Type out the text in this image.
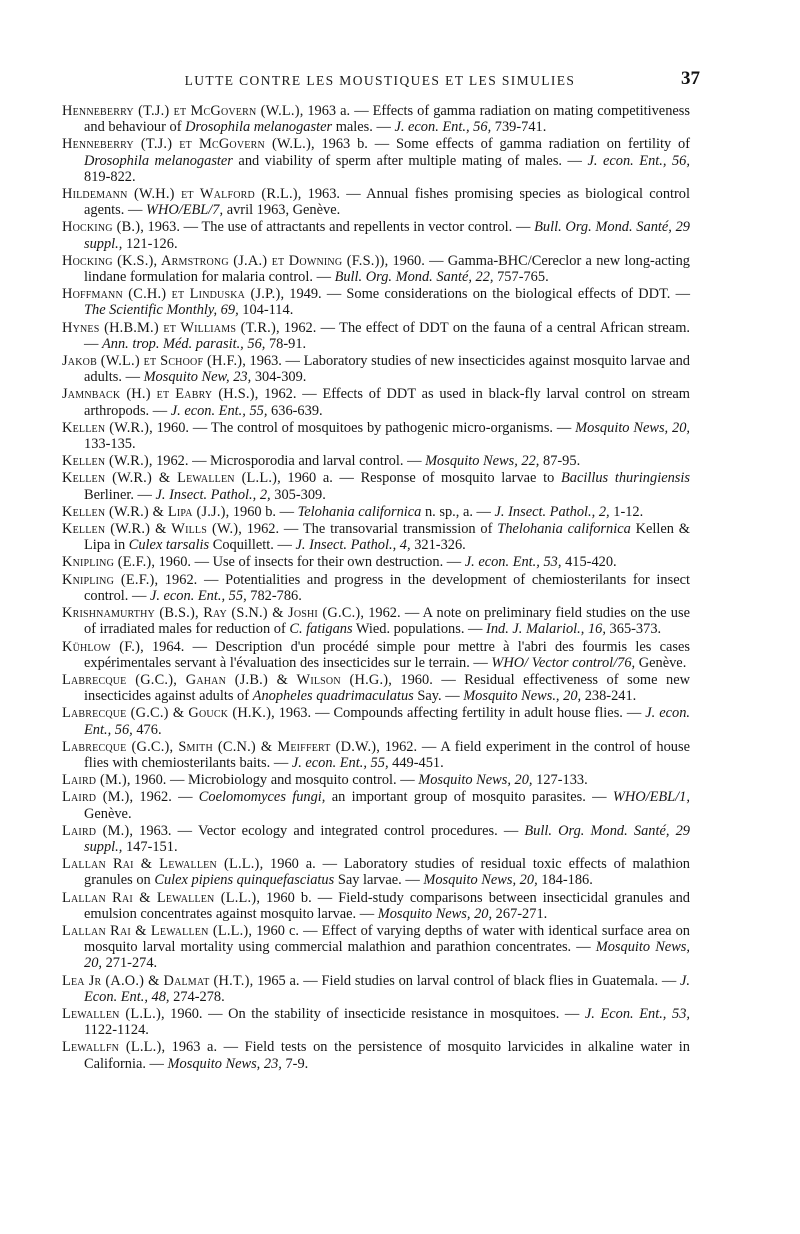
LUTTE CONTRE LES MOUSTIQUES ET LES SIMULIES	37

Henneberry (T.J.) et McGovern (W.L.), 1963 a. — Effects of gamma radiation on mating competitiveness and behaviour of Drosophila melanogaster males. — J. econ. Ent., 56, 739-741.

Henneberry (T.J.) et McGovern (W.L.), 1963 b. — Some effects of gamma radiation on fertility of Drosophila melanogaster and viability of sperm after multiple mating of males. — J. econ. Ent., 56, 819-822.

Hildemann (W.H.) et Walford (R.L.), 1963. — Annual fishes promising species as biological control agents. — WHO/EBL/7, avril 1963, Genève.

Hocking (B.), 1963. — The use of attractants and repellents in vector control. — Bull. Org. Mond. Santé, 29 suppl., 121-126.

Hocking (K.S.), Armstrong (J.A.) et Downing (F.S.)), 1960. — Gamma-BHC/Cereclor a new long-acting lindane formulation for malaria control. — Bull. Org. Mond. Santé, 22, 757-765.

Hoffmann (C.H.) et Linduska (J.P.), 1949. — Some considerations on the biological effects of DDT. — The Scientific Monthly, 69, 104-114.

Hynes (H.B.M.) et Williams (T.R.), 1962. — The effect of DDT on the fauna of a central African stream. — Ann. trop. Méd. parasit., 56, 78-91.

Jakob (W.L.) et Schoof (H.F.), 1963. — Laboratory studies of new insecticides against mosquito larvae and adults. — Mosquito New, 23, 304-309.

Jamnback (H.) et Eabry (H.S.), 1962. — Effects of DDT as used in black-fly larval control on stream arthropods. — J. econ. Ent., 55, 636-639.

Kellen (W.R.), 1960. — The control of mosquitoes by pathogenic micro-organisms. — Mosquito News, 20, 133-135.

Kellen (W.R.), 1962. — Microsporodia and larval control. — Mosquito News, 22, 87-95.

Kellen (W.R.) & Lewallen (L.L.), 1960 a. — Response of mosquito larvae to Bacillus thuringiensis Berliner. — J. Insect. Pathol., 2, 305-309.

Kellen (W.R.) & Lipa (J.J.), 1960 b. — Telohania californica n. sp., a. — J. Insect. Pathol., 2, 1-12.

Kellen (W.R.) & Wills (W.), 1962. — The transovarial transmission of Thelohania californica Kellen & Lipa in Culex tarsalis Coquillett. — J. Insect. Pathol., 4, 321-326.

Knipling (E.F.), 1960. — Use of insects for their own destruction. — J. econ. Ent., 53, 415-420.

Knipling (E.F.), 1962. — Potentialities and progress in the development of chemiosterilants for insect control. — J. econ. Ent., 55, 782-786.

Krishnamurthy (B.S.), Ray (S.N.) & Joshi (G.C.), 1962. — A note on preliminary field studies on the use of irradiated males for reduction of C. fatigans Wied. populations. — Ind. J. Malariol., 16, 365-373.

Kühlow (F.), 1964. — Description d'un procédé simple pour mettre à l'abri des fourmis les cases expérimentales servant à l'évaluation des insecticides sur le terrain. — WHO/ Vector control/76, Genève.

Labrecque (G.C.), Gahan (J.B.) & Wilson (H.G.), 1960. — Residual effectiveness of some new insecticides against adults of Anopheles quadrimaculatus Say. — Mosquito News., 20, 238-241.

Labrecque (G.C.) & Gouck (H.K.), 1963. — Compounds affecting fertility in adult house flies. — J. econ. Ent., 56, 476.

Labrecque (G.C.), Smith (C.N.) & Meiffert (D.W.), 1962. — A field experiment in the control of house flies with chemiosterilants baits. — J. econ. Ent., 55, 449-451.

Laird (M.), 1960. — Microbiology and mosquito control. — Mosquito News, 20, 127-133.

Laird (M.), 1962. — Coelomomyces fungi, an important group of mosquito parasites. — WHO/EBL/1, Genève.

Laird (M.), 1963. — Vector ecology and integrated control procedures. — Bull. Org. Mond. Santé, 29 suppl., 147-151.

Lallan Rai & Lewallen (L.L.), 1960 a. — Laboratory studies of residual toxic effects of malathion granules on Culex pipiens quinquefasciatus Say larvae. — Mosquito News, 20, 184-186.

Lallan Rai & Lewallen (L.L.), 1960 b. — Field-study comparisons between insecticidal granules and emulsion concentrates against mosquito larvae. — Mosquito News, 20, 267-271.

Lallan Rai & Lewallen (L.L.), 1960 c. — Effect of varying depths of water with identical surface area on mosquito larval mortality using commercial malathion and parathion concentrates. — Mosquito News, 20, 271-274.

Lea Jr (A.O.) & Dalmat (H.T.), 1965 a. — Field studies on larval control of black flies in Guatemala. — J. Econ. Ent., 48, 274-278.

Lewallen (L.L.), 1960. — On the stability of insecticide resistance in mosquitoes. — J. Econ. Ent., 53, 1122-1124.

Lewallfn (L.L.), 1963 a. — Field tests on the persistence of mosquito larvicides in alkaline water in California. — Mosquito News, 23, 7-9.
